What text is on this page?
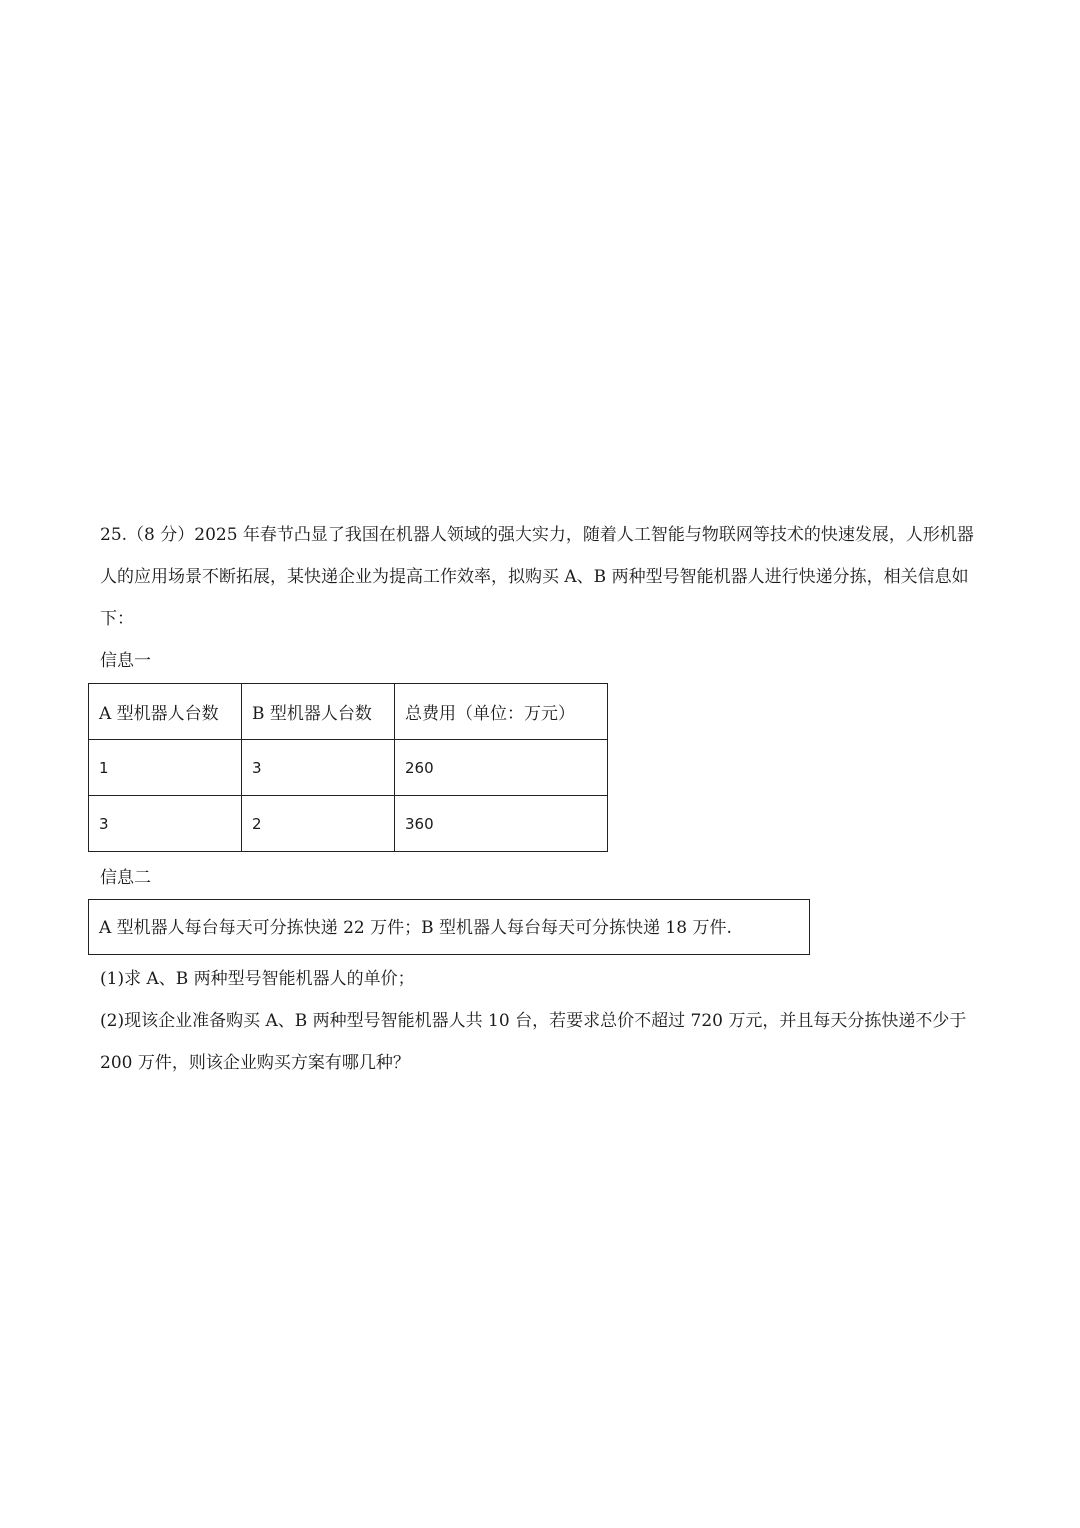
25.（8 分）2025 年春节凸显了我国在机器人领域的强大实力，随着人工智能与物联网等技术的快速发展，人形机器人的应用场景不断拓展，某快递企业为提高工作效率，拟购买 A、B 两种型号智能机器人进行快递分拣，相关信息如下：
信息一
A 型机器人台数	B 型机器人台数	总费用（单位：万元）
1	3	260
3	2	360
信息二
A 型机器人每台每天可分拣快递 22 万件；B 型机器人每台每天可分拣快递 18 万件.
(1)求 A、B 两种型号智能机器人的单价；
(2)现该企业准备购买 A、B 两种型号智能机器人共 10 台，若要求总价不超过 720 万元，并且每天分拣快递不少于 200 万件，则该企业购买方案有哪几种？
